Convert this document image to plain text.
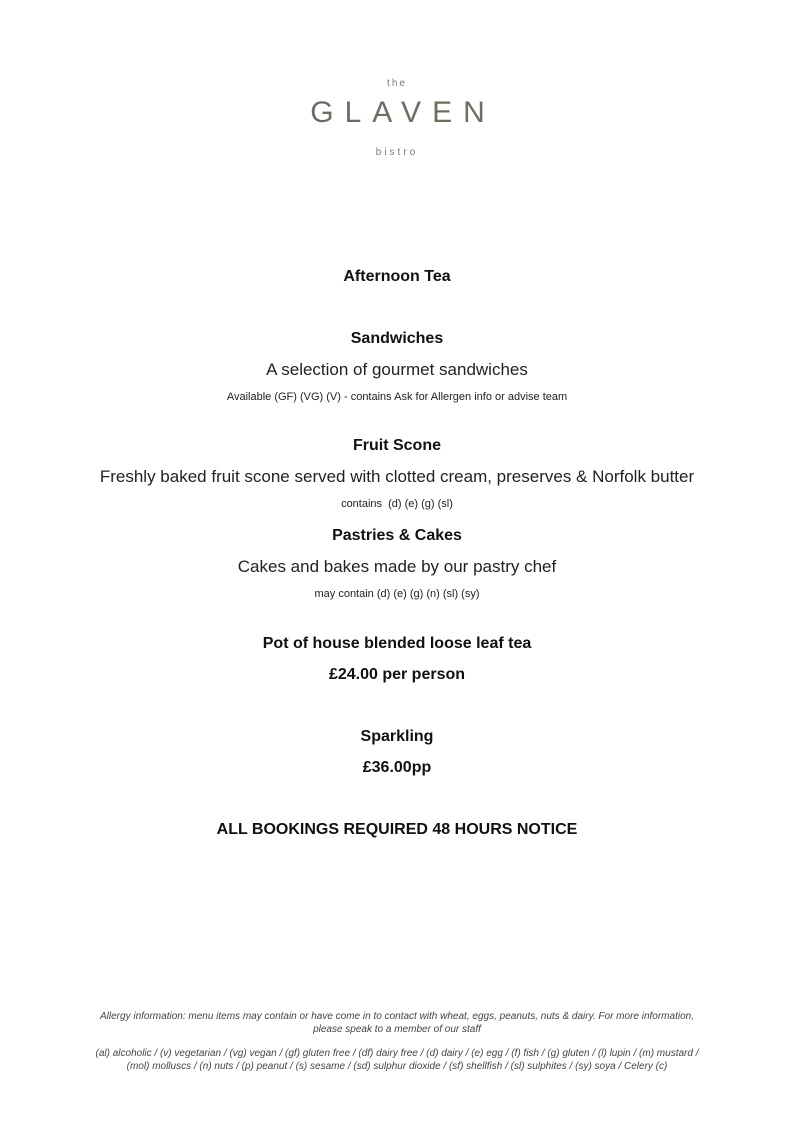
the
GLAVEN
bistro
Afternoon Tea
Sandwiches
A selection of gourmet sandwiches
Available (GF) (VG) (V) - contains Ask for Allergen info or advise team
Fruit Scone
Freshly baked fruit scone served with clotted cream, preserves & Norfolk butter
contains  (d) (e) (g) (sl)
Pastries & Cakes
Cakes and bakes made by our pastry chef
may contain (d) (e) (g) (n) (sl) (sy)
Pot of house blended loose leaf tea
£24.00 per person
Sparkling
£36.00pp
ALL BOOKINGS REQUIRED 48 HOURS NOTICE
Allergy information: menu items may contain or have come in to contact with wheat, eggs, peanuts, nuts & dairy. For more information, please speak to a member of our staff
(al) alcoholic / (v) vegetarian / (vg) vegan / (gf) gluten free / (df) dairy free / (d) dairy / (e) egg / (f) fish / (g) gluten / (l) lupin / (m) mustard / (mol) molluscs / (n) nuts / (p) peanut / (s) sesame / (sd) sulphur dioxide / (sf) shellfish / (sl) sulphites / (sy) soya / Celery (c)
